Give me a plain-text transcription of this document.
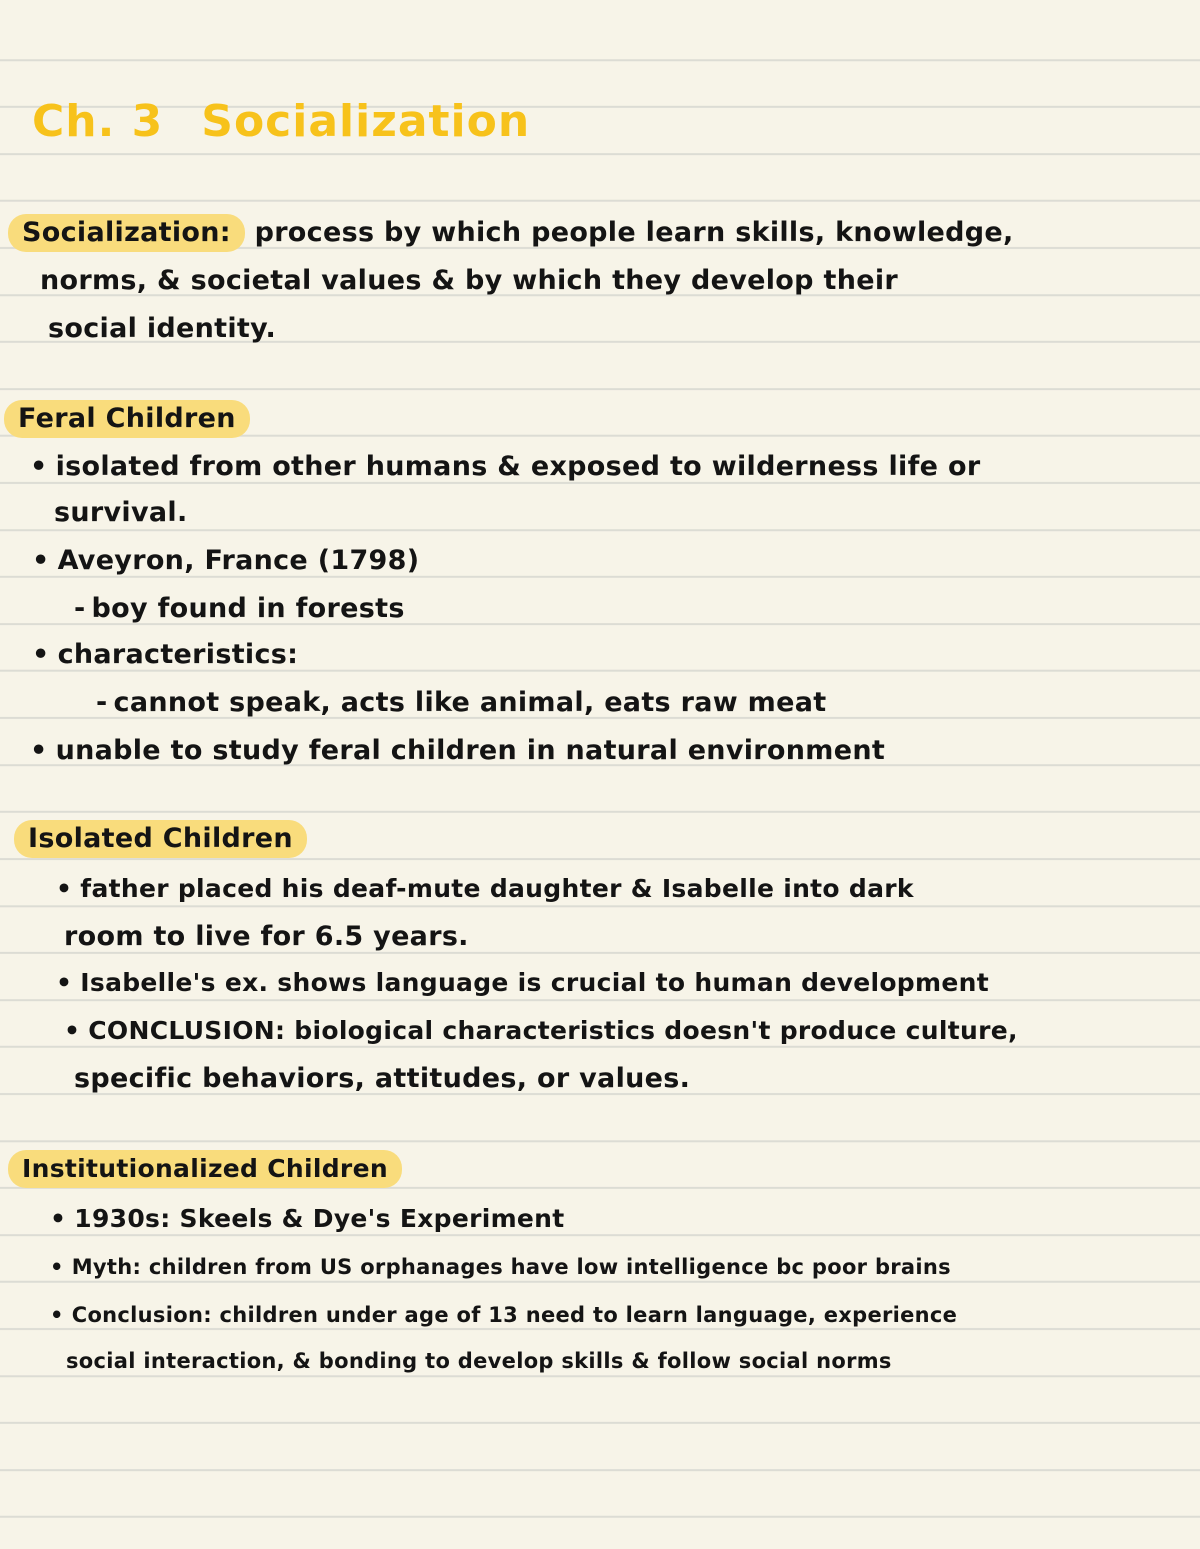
Ch. 3 Socialization
Socialization: process by which people learn skills, knowledge,
norms, & societal values & by which they develop their
social identity.
Feral Children
• isolated from other humans & exposed to wilderness life or
survival.
• Aveyron, France (1798)
- boy found in forests
• characteristics:
- cannot speak, acts like animal, eats raw meat
• unable to study feral children in natural environment
Isolated Children
• father placed his deaf-mute daughter & Isabelle into dark
room to live for 6.5 years.
• Isabelle's ex. shows language is crucial to human development
• CONCLUSION: biological characteristics doesn't produce culture,
specific behaviors, attitudes, or values.
Institutionalized Children
• 1930s: Skeels & Dye's Experiment
• Myth: children from US orphanages have low intelligence bc poor brains
• Conclusion: children under age of 13 need to learn language, experience
social interaction, & bonding to develop skills & follow social norms
